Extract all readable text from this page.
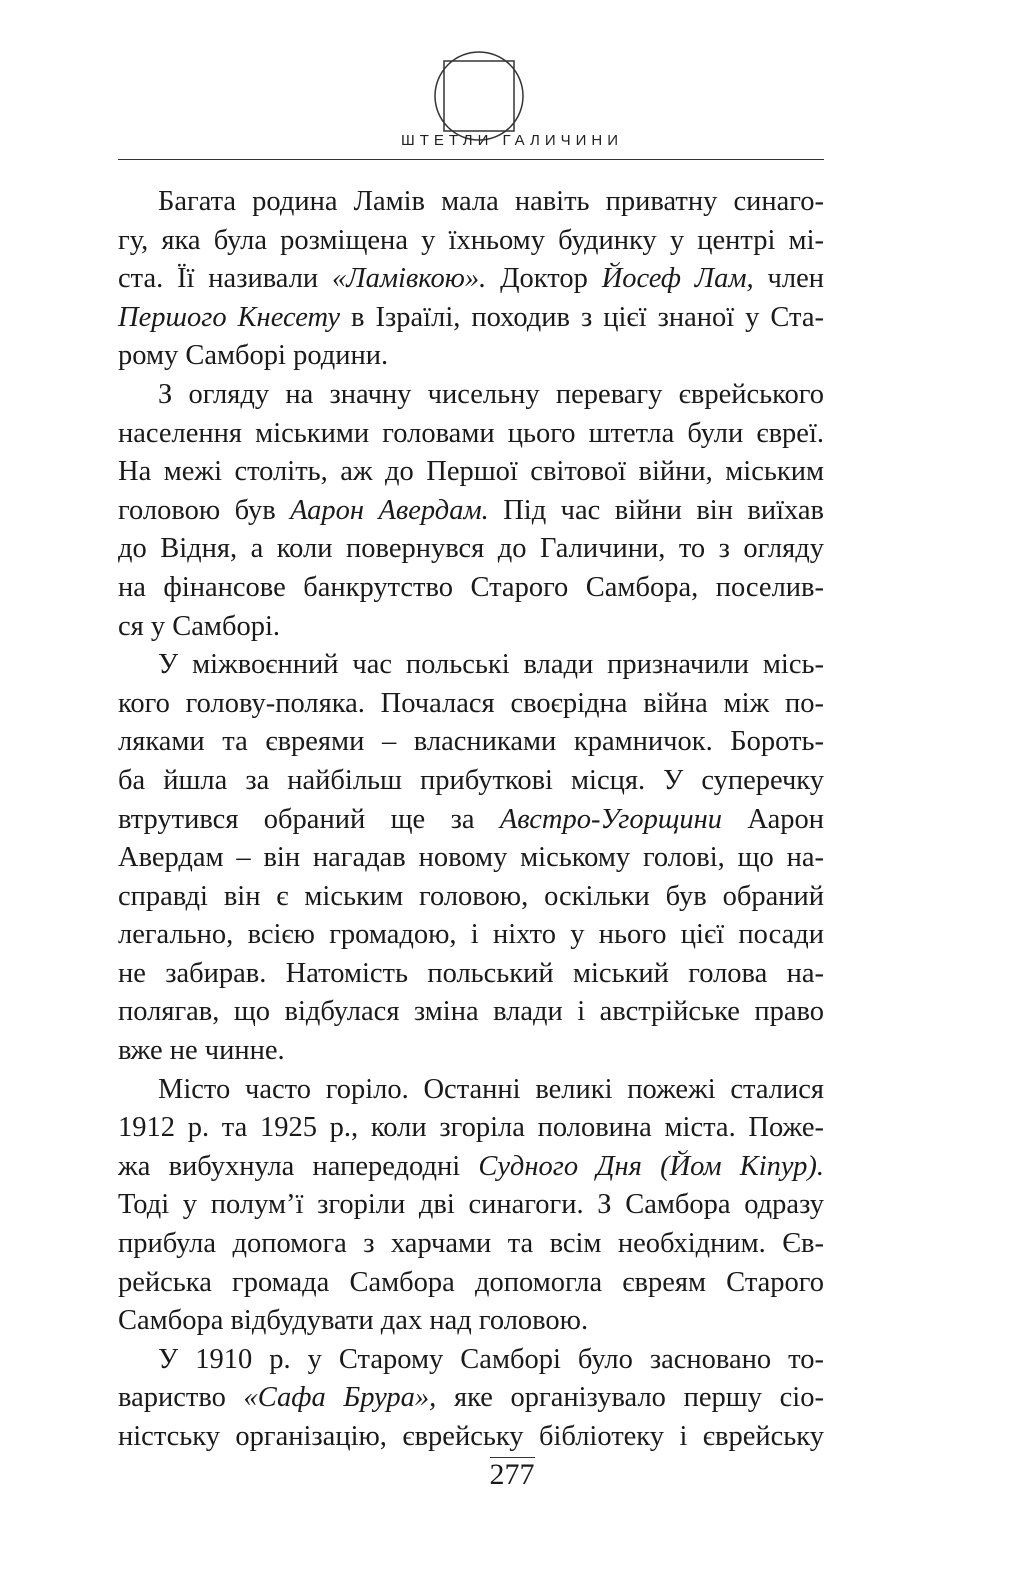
ШТЕТЛИ ГАЛИЧИНИ
Багата родина Ламів мала навіть приватну синаго-
гу, яка була розміщена у їхньому будинку у центрі мі-
ста. Її називали «Ламівкою». Доктор Йосеф Лам, член
Першого Кнесету в Ізраїлі, походив з цієї знаної у Ста-
рому Самборі родини.
З огляду на значну чисельну перевагу єврейського
населення міськими головами цього штетла були євреї.
На межі століть, аж до Першої світової війни, міським
головою був Аарон Авердам. Під час війни він виїхав
до Відня, а коли повернувся до Галичини, то з огляду
на фінансове банкрутство Старого Самбора, поселив-
ся у Самборі.
У міжвоєнний час польські влади призначили місь-
кого голову-поляка. Почалася своєрідна війна між по-
ляками та євреями – власниками крамничок. Бороть-
ба йшла за найбільш прибуткові місця. У суперечку
втрутився обраний ще за Австро-Угорщини Аарон
Авердам – він нагадав новому міському голові, що на-
справді він є міським головою, оскільки був обраний
легально, всією громадою, і ніхто у нього цієї посади
не забирав. Натомість польський міський голова на-
полягав, що відбулася зміна влади і австрійське право
вже не чинне.
Місто часто горіло. Останні великі пожежі сталися
1912 р. та 1925 р., коли згоріла половина міста. Поже-
жа вибухнула напередодні Судного Дня (Йом Кіпур).
Тоді у полум’ї згоріли дві синагоги. З Самбора одразу
прибула допомога з харчами та всім необхідним. Єв-
рейська громада Самбора допомогла євреям Старого
Самбора відбудувати дах над головою.
У 1910 р. у Старому Самборі було засновано то-
вариство «Сафа Брура», яке організувало першу сіо-
ністську організацію, єврейську бібліотеку і єврейську
277
